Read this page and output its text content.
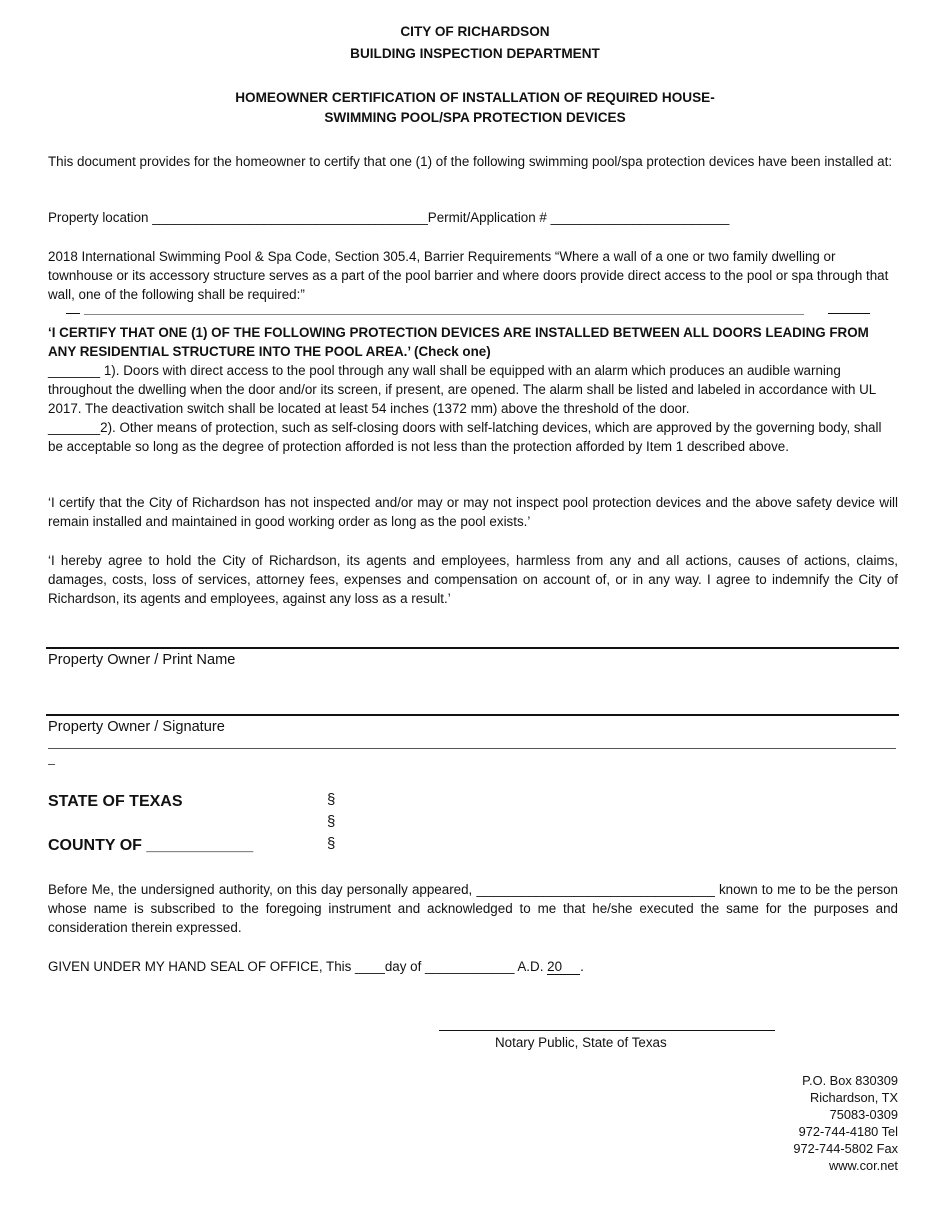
CITY OF RICHARDSON
BUILDING INSPECTION DEPARTMENT
HOMEOWNER CERTIFICATION OF INSTALLATION OF REQUIRED HOUSE-
SWIMMING POOL/SPA PROTECTION DEVICES
This document provides for the homeowner to certify that one (1) of the following swimming pool/spa protection devices have been installed at:
Property location _____________________________________Permit/Application # ________________________
2018 International Swimming Pool & Spa Code, Section 305.4, Barrier Requirements “Where a wall of a one or two family dwelling or townhouse or its accessory structure serves as a part of the pool barrier and where doors provide direct access to the pool or spa through that wall, one of the following shall be required:”
‘I CERTIFY THAT ONE (1) OF THE FOLLOWING PROTECTION DEVICES ARE INSTALLED BETWEEN ALL DOORS LEADING FROM ANY RESIDENTIAL STRUCTURE INTO THE POOL AREA.’ (Check one)
_______ 1). Doors with direct access to the pool through any wall shall be equipped with an alarm which produces an audible warning throughout the dwelling when the door and/or its screen, if present, are opened. The alarm shall be listed and labeled in accordance with UL 2017. The deactivation switch shall be located at least 54 inches (1372 mm) above the threshold of the door.
_______2). Other means of protection, such as self-closing doors with self-latching devices, which are approved by the governing body, shall be acceptable so long as the degree of protection afforded is not less than the protection afforded by Item 1 described above.
‘I certify that the City of Richardson has not inspected and/or may or may not inspect pool protection devices and the above safety device will remain installed and maintained in good working order as long as the pool exists.’
‘I hereby agree to hold the City of Richardson, its agents and employees, harmless from any and all actions, causes of actions, claims, damages, costs, loss of services, attorney fees, expenses and compensation on account of, or in any way. I agree to indemnify the City of Richardson, its agents and employees, against any loss as a result.’
Property Owner / Print Name
Property Owner / Signature
STATE OF TEXAS
COUNTY OF ____________
§
§
§
Before Me, the undersigned authority, on this day personally appeared, ________________________________ known to me to be the person whose name is subscribed to the foregoing instrument and acknowledged to me that he/she executed the same for the purposes and consideration therein expressed.
GIVEN UNDER MY HAND SEAL OF OFFICE, This ____day of ____________ A.D. 20 .
Notary Public, State of Texas
P.O. Box 830309
Richardson, TX
75083-0309
972-744-4180 Tel
972-744-5802 Fax
www.cor.net
